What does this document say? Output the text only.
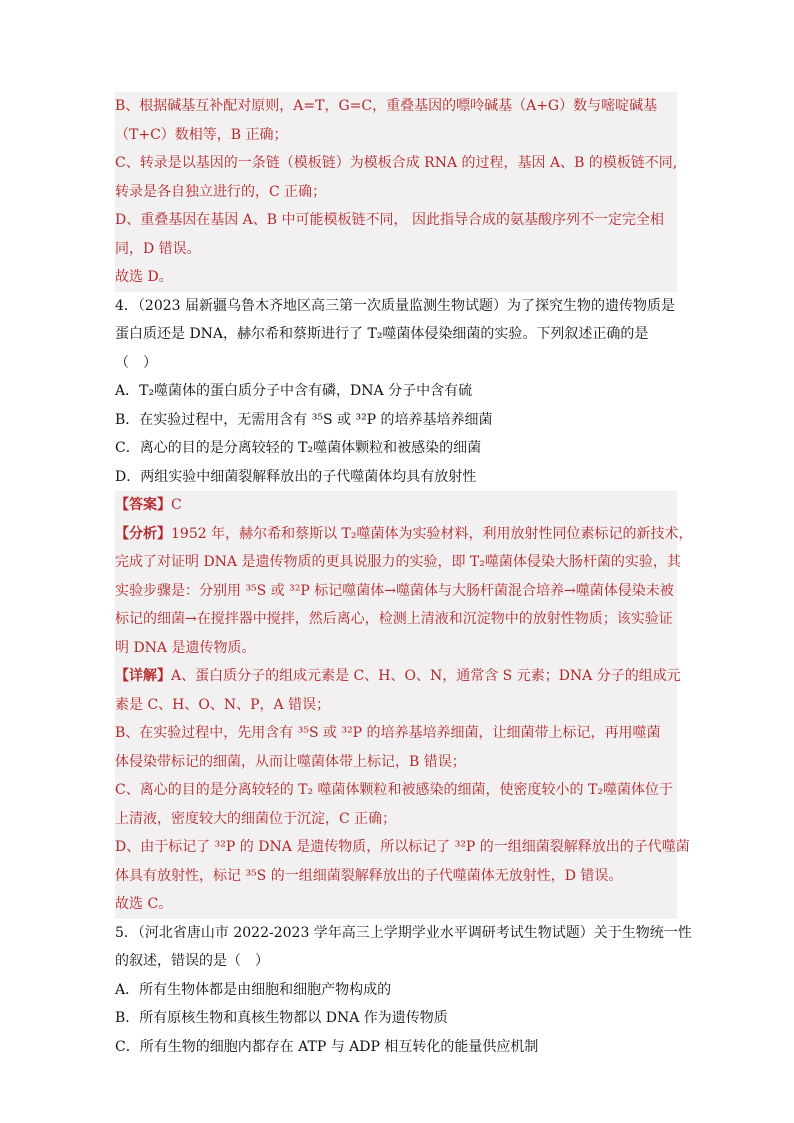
B、根据碱基互补配对原则，A=T，G=C，重叠基因的嘌呤碱基（A+G）数与嘧啶碱基
（T+C）数相等，B 正确；
C、转录是以基因的一条链（模板链）为模板合成 RNA 的过程，基因 A、B 的模板链不同,
转录是各自独立进行的，C 正确；
D、重叠基因在基因 A、B 中可能模板链不同， 因此指导合成的氨基酸序列不一定完全相
同，D 错误。
故选 D。
4．（2023 届新疆乌鲁木齐地区高三第一次质量监测生物试题）为了探究生物的遗传物质是
蛋白质还是 DNA，赫尔希和蔡斯进行了 T₂噬菌体侵染细菌的实验。下列叙述正确的是
（　）
A．T₂噬菌体的蛋白质分子中含有磷，DNA 分子中含有硫
B．在实验过程中，无需用含有 ³⁵S 或 ³²P 的培养基培养细菌
C．离心的目的是分离较轻的 T₂噬菌体颗粒和被感染的细菌
D．两组实验中细菌裂解释放出的子代噬菌体均具有放射性
【答案】C
【分析】1952 年，赫尔希和蔡斯以 T₂噬菌体为实验材料，利用放射性同位素标记的新技术，
完成了对证明 DNA 是遗传物质的更具说服力的实验，即 T₂噬菌体侵染大肠杆菌的实验，其
实验步骤是：分别用 ³⁵S 或 ³²P 标记噬菌体→噬菌体与大肠杆菌混合培养→噬菌体侵染未被
标记的细菌→在搅拌器中搅拌，然后离心，检测上清液和沉淀物中的放射性物质；该实验证
明 DNA 是遗传物质。
【详解】A、蛋白质分子的组成元素是 C、H、O、N，通常含 S 元素；DNA 分子的组成元
素是 C、H、O、N、P，A 错误；
B、在实验过程中，先用含有 ³⁵S 或 ³²P 的培养基培养细菌，让细菌带上标记，再用噬菌
体侵染带标记的细菌，从而让噬菌体带上标记，B 错误；
C、离心的目的是分离较轻的 T₂ 噬菌体颗粒和被感染的细菌，使密度较小的 T₂噬菌体位于
上清液，密度较大的细菌位于沉淀，C 正确；
D、由于标记了 ³²P 的 DNA 是遗传物质，所以标记了 ³²P 的一组细菌裂解释放出的子代噬菌
体具有放射性，标记 ³⁵S 的一组细菌裂解释放出的子代噬菌体无放射性，D 错误。
故选 C。
5．（河北省唐山市 2022-2023 学年高三上学期学业水平调研考试生物试题）关于生物统一性
的叙述，错误的是（　）
A．所有生物体都是由细胞和细胞产物构成的
B．所有原核生物和真核生物都以 DNA 作为遗传物质
C．所有生物的细胞内都存在 ATP 与 ADP 相互转化的能量供应机制
